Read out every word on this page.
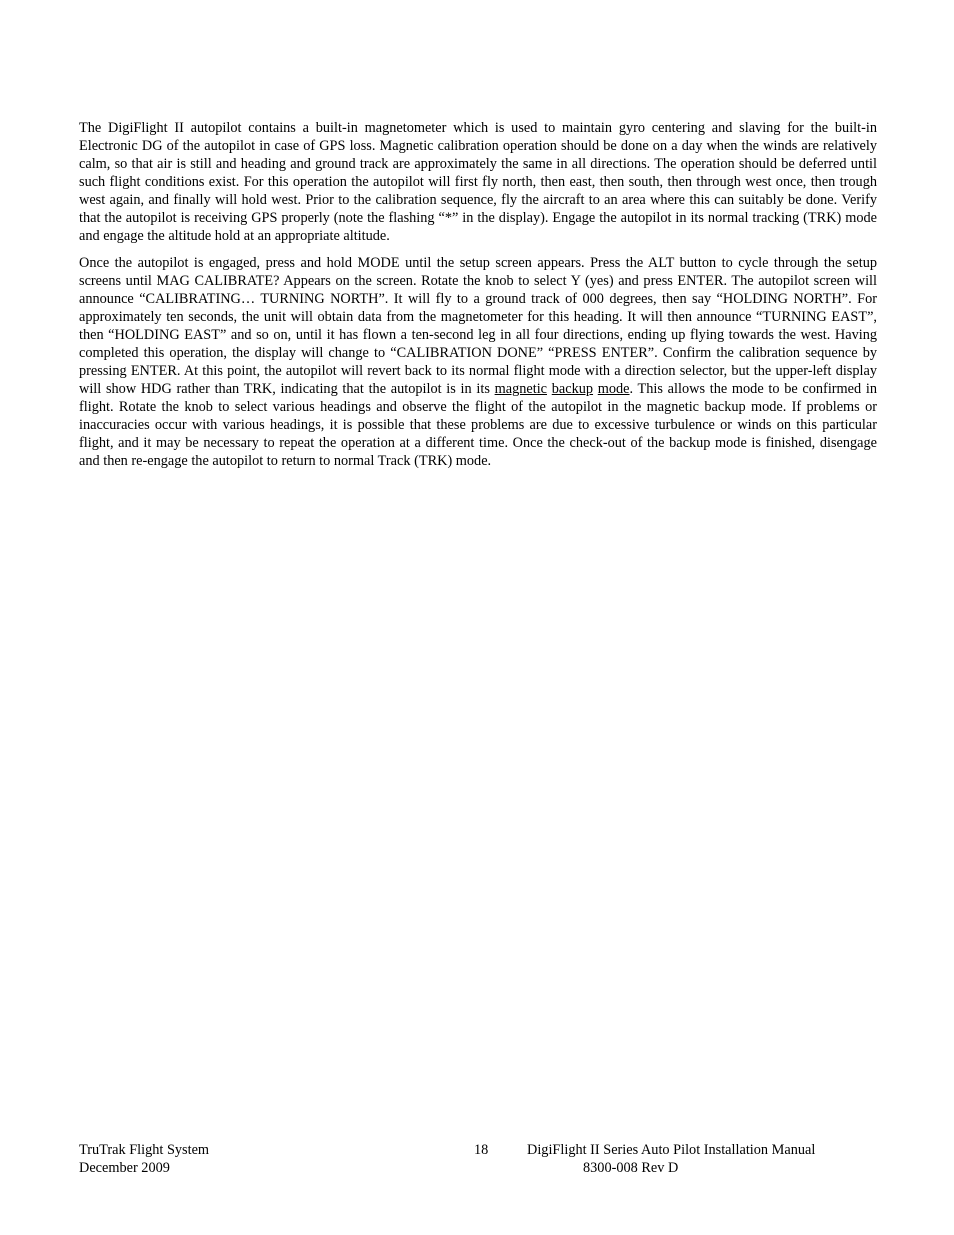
The DigiFlight II autopilot contains a built-in magnetometer which is used to maintain gyro centering and slaving for the built-in Electronic DG of the autopilot in case of GPS loss. Magnetic calibration operation should be done on a day when the winds are relatively calm, so that air is still and heading and ground track are approximately the same in all directions. The operation should be deferred until such flight conditions exist. For this operation the autopilot will first fly north, then east, then south, then through west once, then trough west again, and finally will hold west. Prior to the calibration sequence, fly the aircraft to an area where this can suitably be done. Verify that the autopilot is receiving GPS properly (note the flashing “*” in the display). Engage the autopilot in its normal tracking (TRK) mode and engage the altitude hold at an appropriate altitude.

Once the autopilot is engaged, press and hold MODE until the setup screen appears. Press the ALT button to cycle through the setup screens until MAG CALIBRATE? Appears on the screen. Rotate the knob to select Y (yes) and press ENTER. The autopilot screen will announce “CALIBRATING… TURNING NORTH”. It will fly to a ground track of 000 degrees, then say “HOLDING NORTH”. For approximately ten seconds, the unit will obtain data from the magnetometer for this heading. It will then announce “TURNING EAST”, then “HOLDING EAST” and so on, until it has flown a ten-second leg in all four directions, ending up flying towards the west. Having completed this operation, the display will change to “CALIBRATION DONE” “PRESS ENTER”. Confirm the calibration sequence by pressing ENTER. At this point, the autopilot will revert back to its normal flight mode with a direction selector, but the upper-left display will show HDG rather than TRK, indicating that the autopilot is in its magnetic backup mode. This allows the mode to be confirmed in flight. Rotate the knob to select various headings and observe the flight of the autopilot in the magnetic backup mode. If problems or inaccuracies occur with various headings, it is possible that these problems are due to excessive turbulence or winds on this particular flight, and it may be necessary to repeat the operation at a different time. Once the check-out of the backup mode is finished, disengage and then re-engage the autopilot to return to normal Track (TRK) mode.

TruTrak Flight System
December 2009
18	DigiFlight II Series Auto Pilot Installation Manual
8300-008 Rev D
